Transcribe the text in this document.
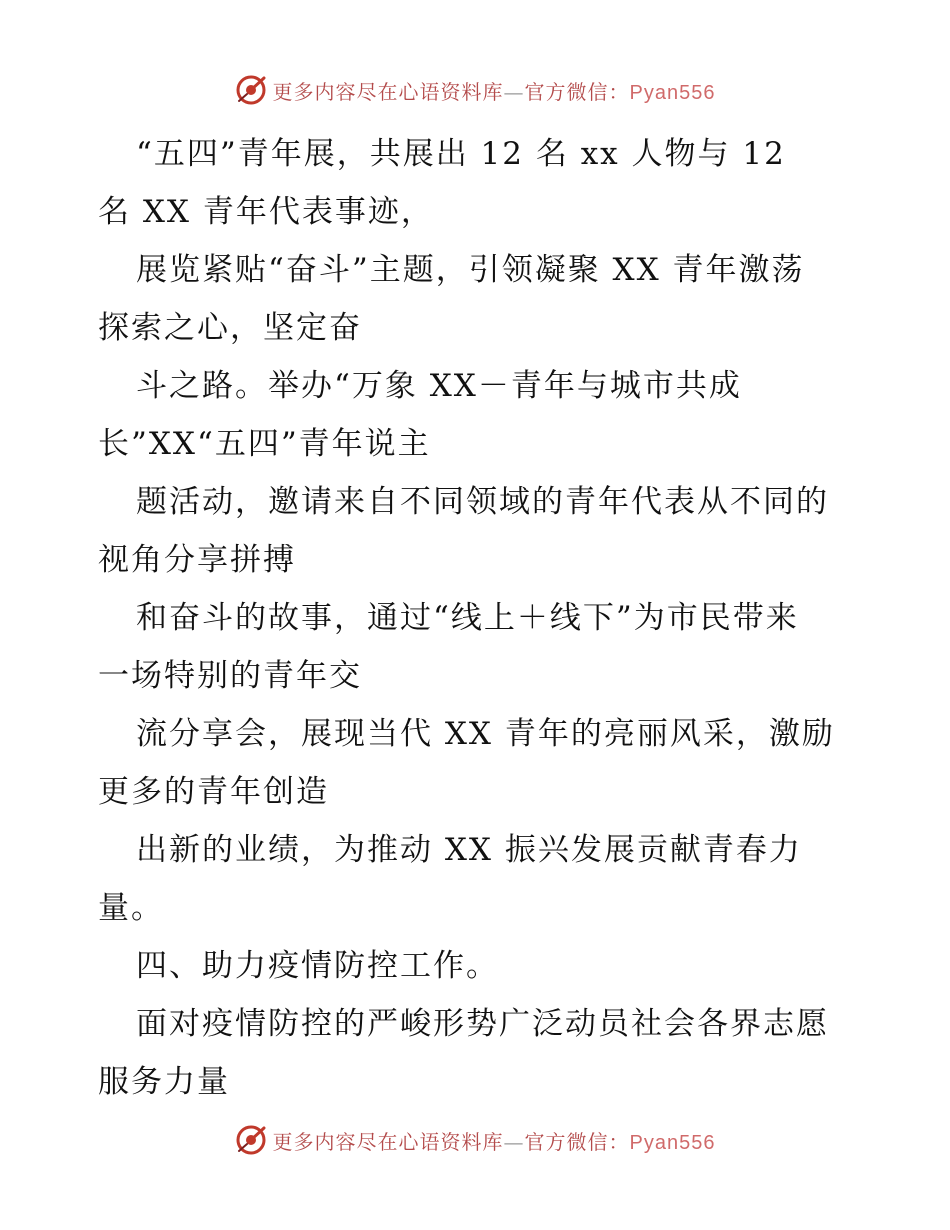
更多内容尽在心语资料库—官方微信：Pyan556
“五四”青年展，共展出 12 名 xx 人物与 12
名 XX 青年代表事迹，
展览紧贴“奋斗”主题，引领凝聚 XX 青年激荡
探索之心，坚定奋
斗之路。举办“万象 XX－青年与城市共成
长”XX“五四”青年说主
题活动，邀请来自不同领域的青年代表从不同的
视角分享拼搏
和奋斗的故事，通过“线上＋线下”为市民带来
一场特别的青年交
流分享会，展现当代 XX 青年的亮丽风采，激励
更多的青年创造
出新的业绩，为推动 XX 振兴发展贡献青春力
量。
四、助力疫情防控工作。
面对疫情防控的严峻形势广泛动员社会各界志愿
服务力量
更多内容尽在心语资料库—官方微信：Pyan556
